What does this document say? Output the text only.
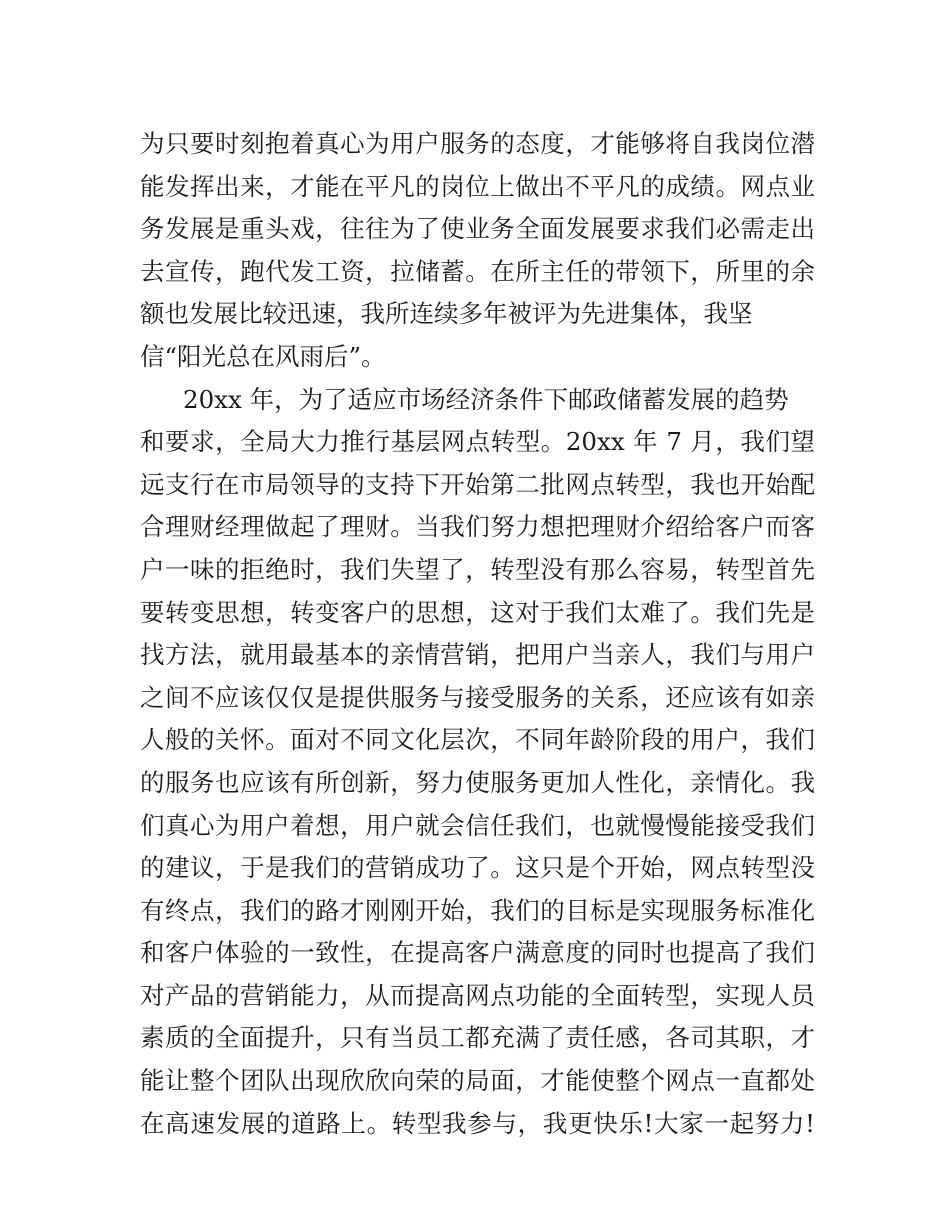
为只要时刻抱着真心为用户服务的态度，才能够将自我岗位潜
能发挥出来，才能在平凡的岗位上做出不平凡的成绩。网点业
务发展是重头戏，往往为了使业务全面发展要求我们必需走出
去宣传，跑代发工资，拉储蓄。在所主任的带领下，所里的余
额也发展比较迅速，我所连续多年被评为先进集体，我坚
信“阳光总在风雨后”。
20xx 年，为了适应市场经济条件下邮政储蓄发展的趋势
和要求，全局大力推行基层网点转型。20xx 年 7 月，我们望
远支行在市局领导的支持下开始第二批网点转型，我也开始配
合理财经理做起了理财。当我们努力想把理财介绍给客户而客
户一味的拒绝时，我们失望了，转型没有那么容易，转型首先
要转变思想，转变客户的思想，这对于我们太难了。我们先是
找方法，就用最基本的亲情营销，把用户当亲人，我们与用户
之间不应该仅仅是提供服务与接受服务的关系，还应该有如亲
人般的关怀。面对不同文化层次，不同年龄阶段的用户，我们
的服务也应该有所创新，努力使服务更加人性化，亲情化。我
们真心为用户着想，用户就会信任我们，也就慢慢能接受我们
的建议，于是我们的营销成功了。这只是个开始，网点转型没
有终点，我们的路才刚刚开始，我们的目标是实现服务标准化
和客户体验的一致性，在提高客户满意度的同时也提高了我们
对产品的营销能力，从而提高网点功能的全面转型，实现人员
素质的全面提升，只有当员工都充满了责任感，各司其职，才
能让整个团队出现欣欣向荣的局面，才能使整个网点一直都处
在高速发展的道路上。转型我参与，我更快乐!大家一起努力!
